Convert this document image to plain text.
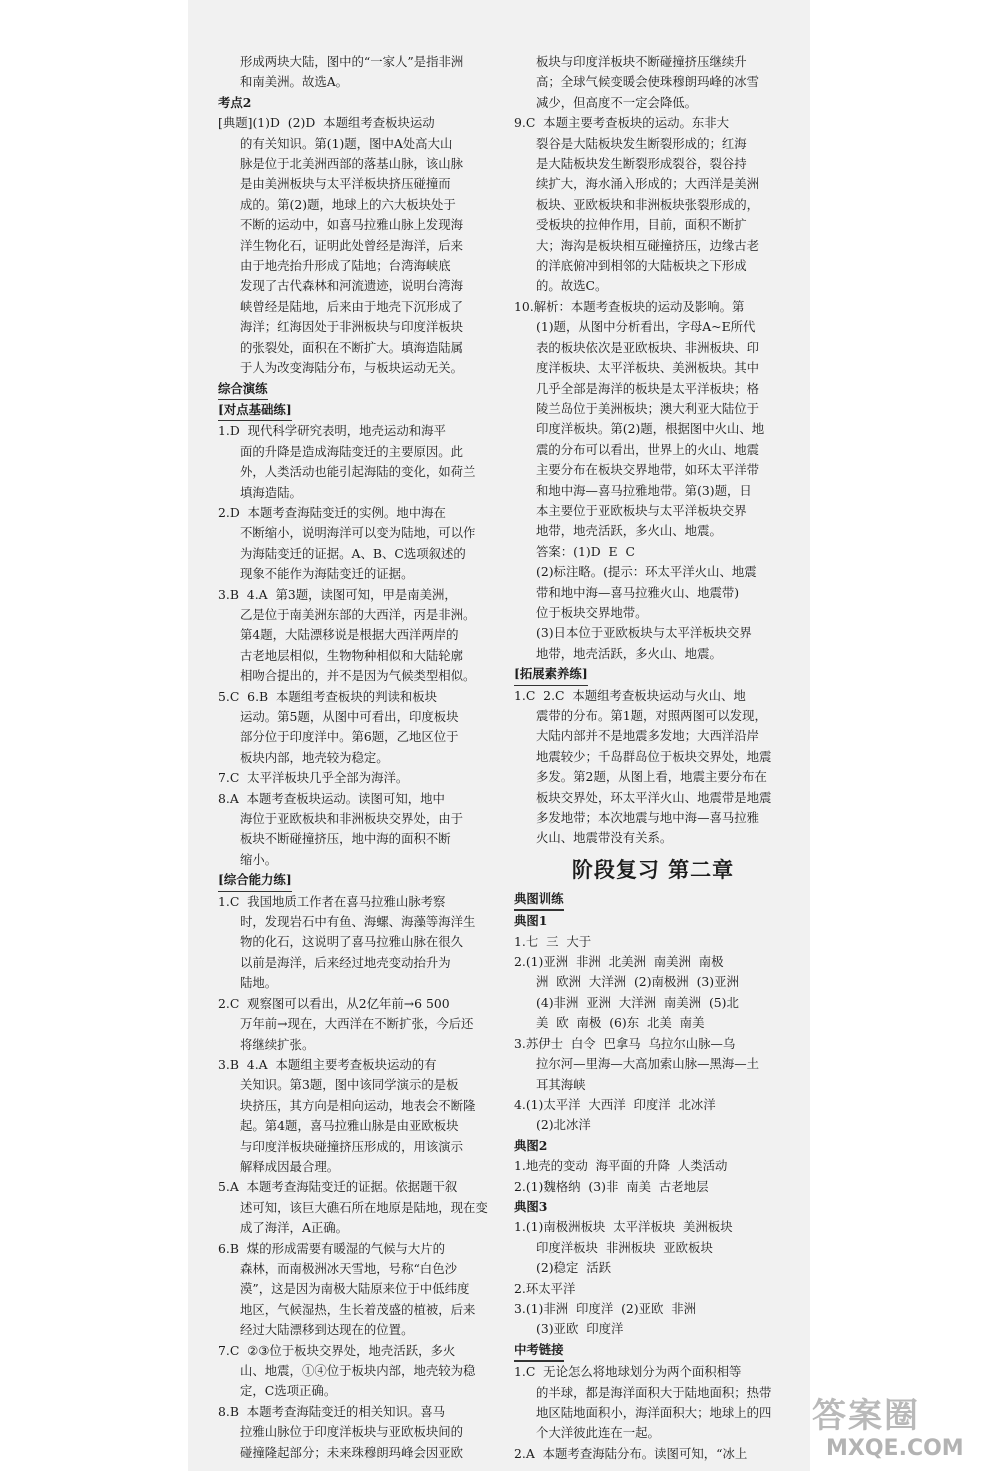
形成两块大陆，图中的“一家人”是指非洲
和南美洲。故选A。
考点2
[典题](1)D  (2)D  本题组考查板块运动
的有关知识。第(1)题，图中A处高大山
脉是位于北美洲西部的落基山脉，该山脉
是由美洲板块与太平洋板块挤压碰撞而
成的。第(2)题，地球上的六大板块处于
不断的运动中，如喜马拉雅山脉上发现海
洋生物化石，证明此处曾经是海洋，后来
由于地壳抬升形成了陆地；台湾海峡底
发现了古代森林和河流遗迹，说明台湾海
峡曾经是陆地，后来由于地壳下沉形成了
海洋；红海因处于非洲板块与印度洋板块
的张裂处，面积在不断扩大。填海造陆属
于人为改变海陆分布，与板块运动无关。
综合演练
[对点基础练]
1.D  现代科学研究表明，地壳运动和海平
面的升降是造成海陆变迁的主要原因。此
外，人类活动也能引起海陆的变化，如荷兰
填海造陆。
2.D  本题考查海陆变迁的实例。地中海在
不断缩小，说明海洋可以变为陆地，可以作
为海陆变迁的证据。A、B、C选项叙述的
现象不能作为海陆变迁的证据。
3.B  4.A  第3题，读图可知，甲是南美洲，
乙是位于南美洲东部的大西洋，丙是非洲。
第4题，大陆漂移说是根据大西洋两岸的
古老地层相似，生物物种相似和大陆轮廓
相吻合提出的，并不是因为气候类型相似。
5.C  6.B  本题组考查板块的判读和板块
运动。第5题，从图中可看出，印度板块
部分位于印度洋中。第6题，乙地区位于
板块内部，地壳较为稳定。
7.C  太平洋板块几乎全部为海洋。
8.A  本题考查板块运动。读图可知，地中
海位于亚欧板块和非洲板块交界处，由于
板块不断碰撞挤压，地中海的面积不断
缩小。
[综合能力练]
1.C  我国地质工作者在喜马拉雅山脉考察
时，发现岩石中有鱼、海螺、海藻等海洋生
物的化石，这说明了喜马拉雅山脉在很久
以前是海洋，后来经过地壳变动抬升为
陆地。
2.C  观察图可以看出，从2亿年前→6 500
万年前→现在，大西洋在不断扩张，今后还
将继续扩张。
3.B  4.A  本题组主要考查板块运动的有
关知识。第3题，图中该同学演示的是板
块挤压，其方向是相向运动，地表会不断隆
起。第4题，喜马拉雅山脉是由亚欧板块
与印度洋板块碰撞挤压形成的，用该演示
解释成因最合理。
5.A  本题考查海陆变迁的证据。依据题干叙
述可知，该巨大礁石所在地原是陆地，现在变
成了海洋，A正确。
6.B  煤的形成需要有暖湿的气候与大片的
森林，而南极洲冰天雪地，号称“白色沙
漠”，这是因为南极大陆原来位于中低纬度
地区，气候湿热，生长着茂盛的植被，后来
经过大陆漂移到达现在的位置。
7.C  ②③位于板块交界处，地壳活跃，多火
山、地震，①④位于板块内部，地壳较为稳
定，C选项正确。
8.B  本题考查海陆变迁的相关知识。喜马
拉雅山脉位于印度洋板块与亚欧板块间的
碰撞隆起部分；未来珠穆朗玛峰会因亚欧
板块与印度洋板块不断碰撞挤压继续升
高；全球气候变暖会使珠穆朗玛峰的冰雪
减少，但高度不一定会降低。
9.C  本题主要考查板块的运动。东非大
裂谷是大陆板块发生断裂形成的；红海
是大陆板块发生断裂形成裂谷，裂谷持
续扩大，海水涌入形成的；大西洋是美洲
板块、亚欧板块和非洲板块张裂形成的，
受板块的拉伸作用，目前，面积不断扩
大；海沟是板块相互碰撞挤压，边缘古老
的洋底俯冲到相邻的大陆板块之下形成
的。故选C。
10.解析：本题考查板块的运动及影响。第
(1)题，从图中分析看出，字母A~E所代
表的板块依次是亚欧板块、非洲板块、印
度洋板块、太平洋板块、美洲板块。其中
几乎全部是海洋的板块是太平洋板块；格
陵兰岛位于美洲板块；澳大利亚大陆位于
印度洋板块。第(2)题，根据图中火山、地
震的分布可以看出，世界上的火山、地震
主要分布在板块交界地带，如环太平洋带
和地中海—喜马拉雅地带。第(3)题，日
本主要位于亚欧板块与太平洋板块交界
地带，地壳活跃，多火山、地震。
答案：(1)D  E  C
(2)标注略。(提示：环太平洋火山、地震
带和地中海—喜马拉雅火山、地震带)
位于板块交界地带。
(3)日本位于亚欧板块与太平洋板块交界
地带，地壳活跃，多火山、地震。
[拓展素养练]
1.C  2.C  本题组考查板块运动与火山、地
震带的分布。第1题，对照两图可以发现，
大陆内部并不是地震多发地；大西洋沿岸
地震较少；千岛群岛位于板块交界处，地震
多发。第2题，从图上看，地震主要分布在
板块交界处，环太平洋火山、地震带是地震
多发地带；本次地震与地中海—喜马拉雅
火山、地震带没有关系。
阶段复习 第二章
典图训练
典图1
1.七  三  大于
2.(1)亚洲  非洲  北美洲  南美洲  南极
洲  欧洲  大洋洲  (2)南极洲  (3)亚洲
(4)非洲  亚洲  大洋洲  南美洲  (5)北
美  欧  南极  (6)东  北美  南美
3.苏伊士  白令  巴拿马  乌拉尔山脉—乌
拉尔河—里海—大高加索山脉—黑海—土
耳其海峡
4.(1)太平洋  大西洋  印度洋  北冰洋
(2)北冰洋
典图2
1.地壳的变动  海平面的升降  人类活动
2.(1)魏格纳  (3)非  南美  古老地层
典图3
1.(1)南极洲板块  太平洋板块  美洲板块
印度洋板块  非洲板块  亚欧板块
(2)稳定  活跃
2.环太平洋
3.(1)非洲  印度洋  (2)亚欧  非洲
(3)亚欧  印度洋
中考链接
1.C  无论怎么将地球划分为两个面积相等
的半球，都是海洋面积大于陆地面积；热带
地区陆地面积小，海洋面积大；地球上的四
个大洋彼此连在一起。
2.A  本题考查海陆分布。读图可知，“冰上
答案圈
MXQE.COM
